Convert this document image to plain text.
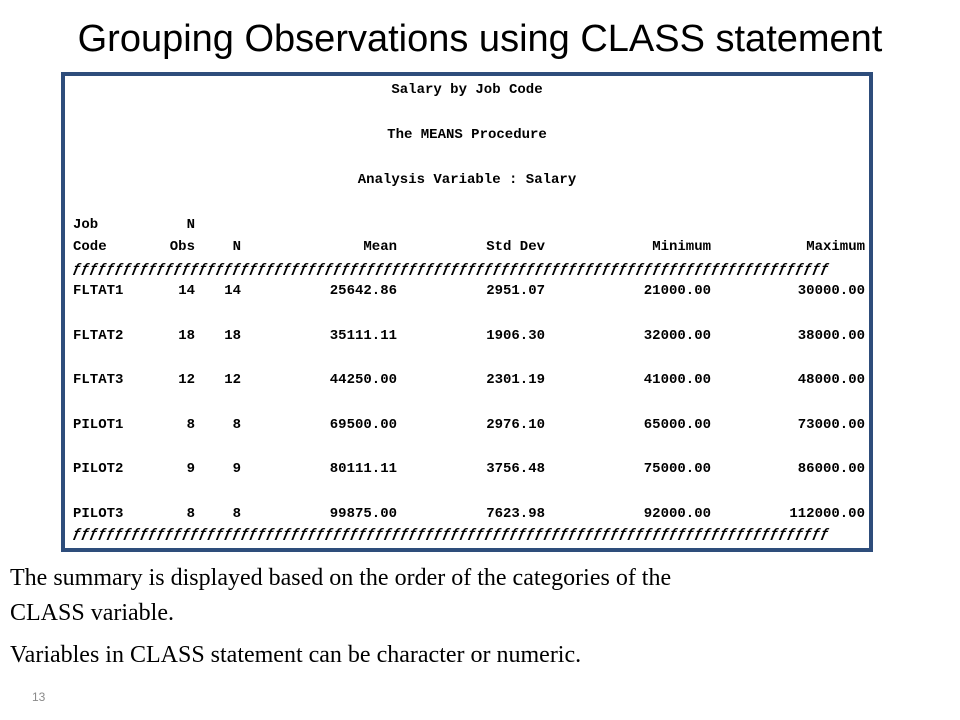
Grouping Observations using CLASS statement
Salary by Job Code
The MEANS Procedure
Analysis Variable : Salary
Job	N
Code	Obs	N	Mean	Std Dev	Minimum	Maximum
ƒƒƒƒƒƒƒƒƒƒƒƒƒƒƒƒƒƒƒƒƒƒƒƒƒƒƒƒƒƒƒƒƒƒƒƒƒƒƒƒƒƒƒƒƒƒƒƒƒƒƒƒƒƒƒƒƒƒƒƒƒƒƒƒƒƒƒƒƒƒƒƒƒƒƒƒƒƒƒƒƒƒƒƒƒƒƒƒƒƒ
FLTAT1	14	14	25642.86	2951.07	21000.00	30000.00
FLTAT2	18	18	35111.11	1906.30	32000.00	38000.00
FLTAT3	12	12	44250.00	2301.19	41000.00	48000.00
PILOT1	8	8	69500.00	2976.10	65000.00	73000.00
PILOT2	9	9	80111.11	3756.48	75000.00	86000.00
PILOT3	8	8	99875.00	7623.98	92000.00	112000.00
ƒƒƒƒƒƒƒƒƒƒƒƒƒƒƒƒƒƒƒƒƒƒƒƒƒƒƒƒƒƒƒƒƒƒƒƒƒƒƒƒƒƒƒƒƒƒƒƒƒƒƒƒƒƒƒƒƒƒƒƒƒƒƒƒƒƒƒƒƒƒƒƒƒƒƒƒƒƒƒƒƒƒƒƒƒƒƒƒƒƒ
The summary is displayed based on the order of the categories of the
CLASS variable.
Variables in CLASS statement can be character or numeric.
13
